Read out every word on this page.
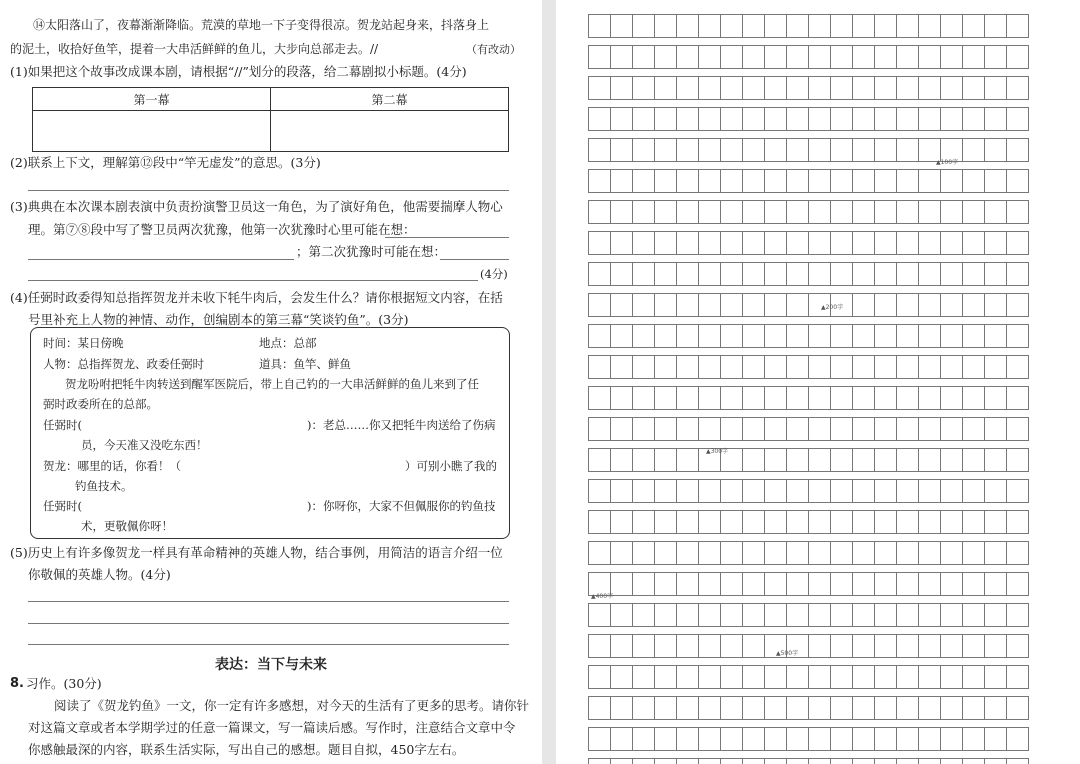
⑭太阳落山了，夜幕渐渐降临。荒漠的草地一下子变得很凉。贺龙站起身来，抖落身上
的泥土，收拾好鱼竿，提着一大串活鲜鲜的鱼儿，大步向总部走去。//	（有改动）
(1)如果把这个故事改成课本剧，请根据“//”划分的段落，给二幕剧拟小标题。(4分)
第一幕	第二幕

(2)联系上下文，理解第⑫段中“竿无虚发”的意思。(3分)
(3)典典在本次课本剧表演中负责扮演警卫员这一角色，为了演好角色，他需要揣摩人物心
理。第⑦⑧段中写了警卫员两次犹豫，他第一次犹豫时心里可能在想：
；第二次犹豫时可能在想：
(4分)
(4)任弼时政委得知总指挥贺龙并未收下牦牛肉后，会发生什么？请你根据短文内容，在括
号里补充上人物的神情、动作，创编剧本的第三幕“笑谈钓鱼”。(3分)
时间：某日傍晚	地点：总部
人物：总指挥贺龙、政委任弼时	道具：鱼竿、鲜鱼
贺龙吩咐把牦牛肉转送到醒军医院后，带上自己钓的一大串活鲜鲜的鱼儿来到了任
弼时政委所在的总部。
任弼时(	)：老总……你又把牦牛肉送给了伤病
员，今天准又没吃东西！
贺龙：哪里的话，你看！（	）可别小瞧了我的
钓鱼技术。
任弼时(	)：你呀你，大家不但佩服你的钓鱼技
术，更敬佩你呀！
(5)历史上有许多像贺龙一样具有革命精神的英雄人物，结合事例，用简洁的语言介绍一位
你敬佩的英雄人物。(4分)
表达：当下与未来
8. 习作。(30分)
阅读了《贺龙钓鱼》一文，你一定有许多感想，对今天的生活有了更多的思考。请你针
对这篇文章或者本学期学过的任意一篇课文，写一篇读后感。写作时，注意结合文章中令
你感触最深的内容，联系生活实际，写出自己的感想。题目自拟，450字左右。
▲100字
▲200字
▲300字
▲400字
▲500字
